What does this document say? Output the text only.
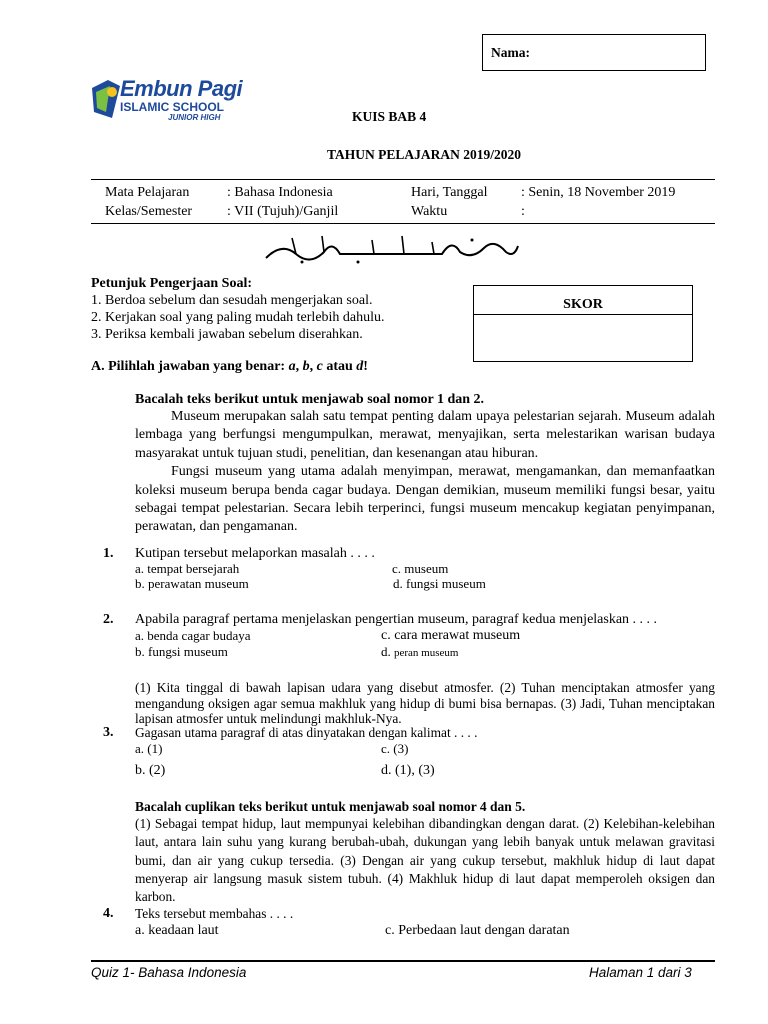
Nama:
Embun Pagi
ISLAMIC SCHOOL
JUNIOR HIGH	KUIS BAB 4
TAHUN PELAJARAN 2019/2020
Mata Pelajaran	: Bahasa Indonesia	Hari, Tanggal : Senin, 18 November 2019
Kelas/Semester : VII (Tujuh)/Ganjil	Waktu	:
Petunjuk Pengerjaan Soal:
1. Berdoa sebelum dan sesudah mengerjakan soal.
2. Kerjakan soal yang paling mudah terlebih dahulu.
3. Periksa kembali jawaban sebelum diserahkan.
SKOR
A. Pilihlah jawaban yang benar: a, b, c atau d!
Bacalah teks berikut untuk menjawab soal nomor 1 dan 2.

Museum merupakan salah satu tempat penting dalam upaya pelestarian sejarah. Museum adalah lembaga yang berfungsi mengumpulkan, merawat, menyajikan, serta melestarikan warisan budaya masyarakat untuk tujuan studi, penelitian, dan kesenangan atau hiburan.

Fungsi museum yang utama adalah menyimpan, merawat, mengamankan, dan memanfaatkan koleksi museum berupa benda cagar budaya. Dengan demikian, museum memiliki fungsi besar, yaitu sebagai tempat pelestarian. Secara lebih terperinci, fungsi museum mencakup kegiatan penyimpanan, perawatan, dan pengamanan.

1. Kutipan tersebut melaporkan masalah . . . .
a. tempat bersejarah	c. museum
b. perawatan museum	d. fungsi museum
2. Apabila paragraf pertama menjelaskan pengertian museum, paragraf kedua menjelaskan . . . .
a. benda cagar budaya	c. cara merawat museum
b. fungsi museum	d. peran museum
(1) Kita tinggal di bawah lapisan udara yang disebut atmosfer. (2) Tuhan menciptakan atmosfer yang mengandung oksigen agar semua makhluk yang hidup di bumi bisa bernapas. (3) Jadi, Tuhan menciptakan lapisan atmosfer untuk melindungi makhluk-Nya.
3. Gagasan utama paragraf di atas dinyatakan dengan kalimat . . . .
a. (1)	c. (3)
b. (2)	d. (1), (3)
Bacalah cuplikan teks berikut untuk menjawab soal nomor 4 dan 5.
(1) Sebagai tempat hidup, laut mempunyai kelebihan dibandingkan dengan darat. (2) Kelebihan-kelebihan laut, antara lain suhu yang kurang berubah-ubah, dukungan yang lebih banyak untuk melawan gravitasi bumi, dan air yang cukup tersedia. (3) Dengan air yang cukup tersebut, makhluk hidup di laut dapat menyerap air langsung masuk sistem tubuh. (4) Makhluk hidup di laut dapat memperoleh oksigen dan karbon.
4. Teks tersebut membahas . . . .
a. keadaan laut	c. Perbedaan laut dengan daratan
Quiz 1- Bahasa Indonesia	Halaman 1 dari 3
